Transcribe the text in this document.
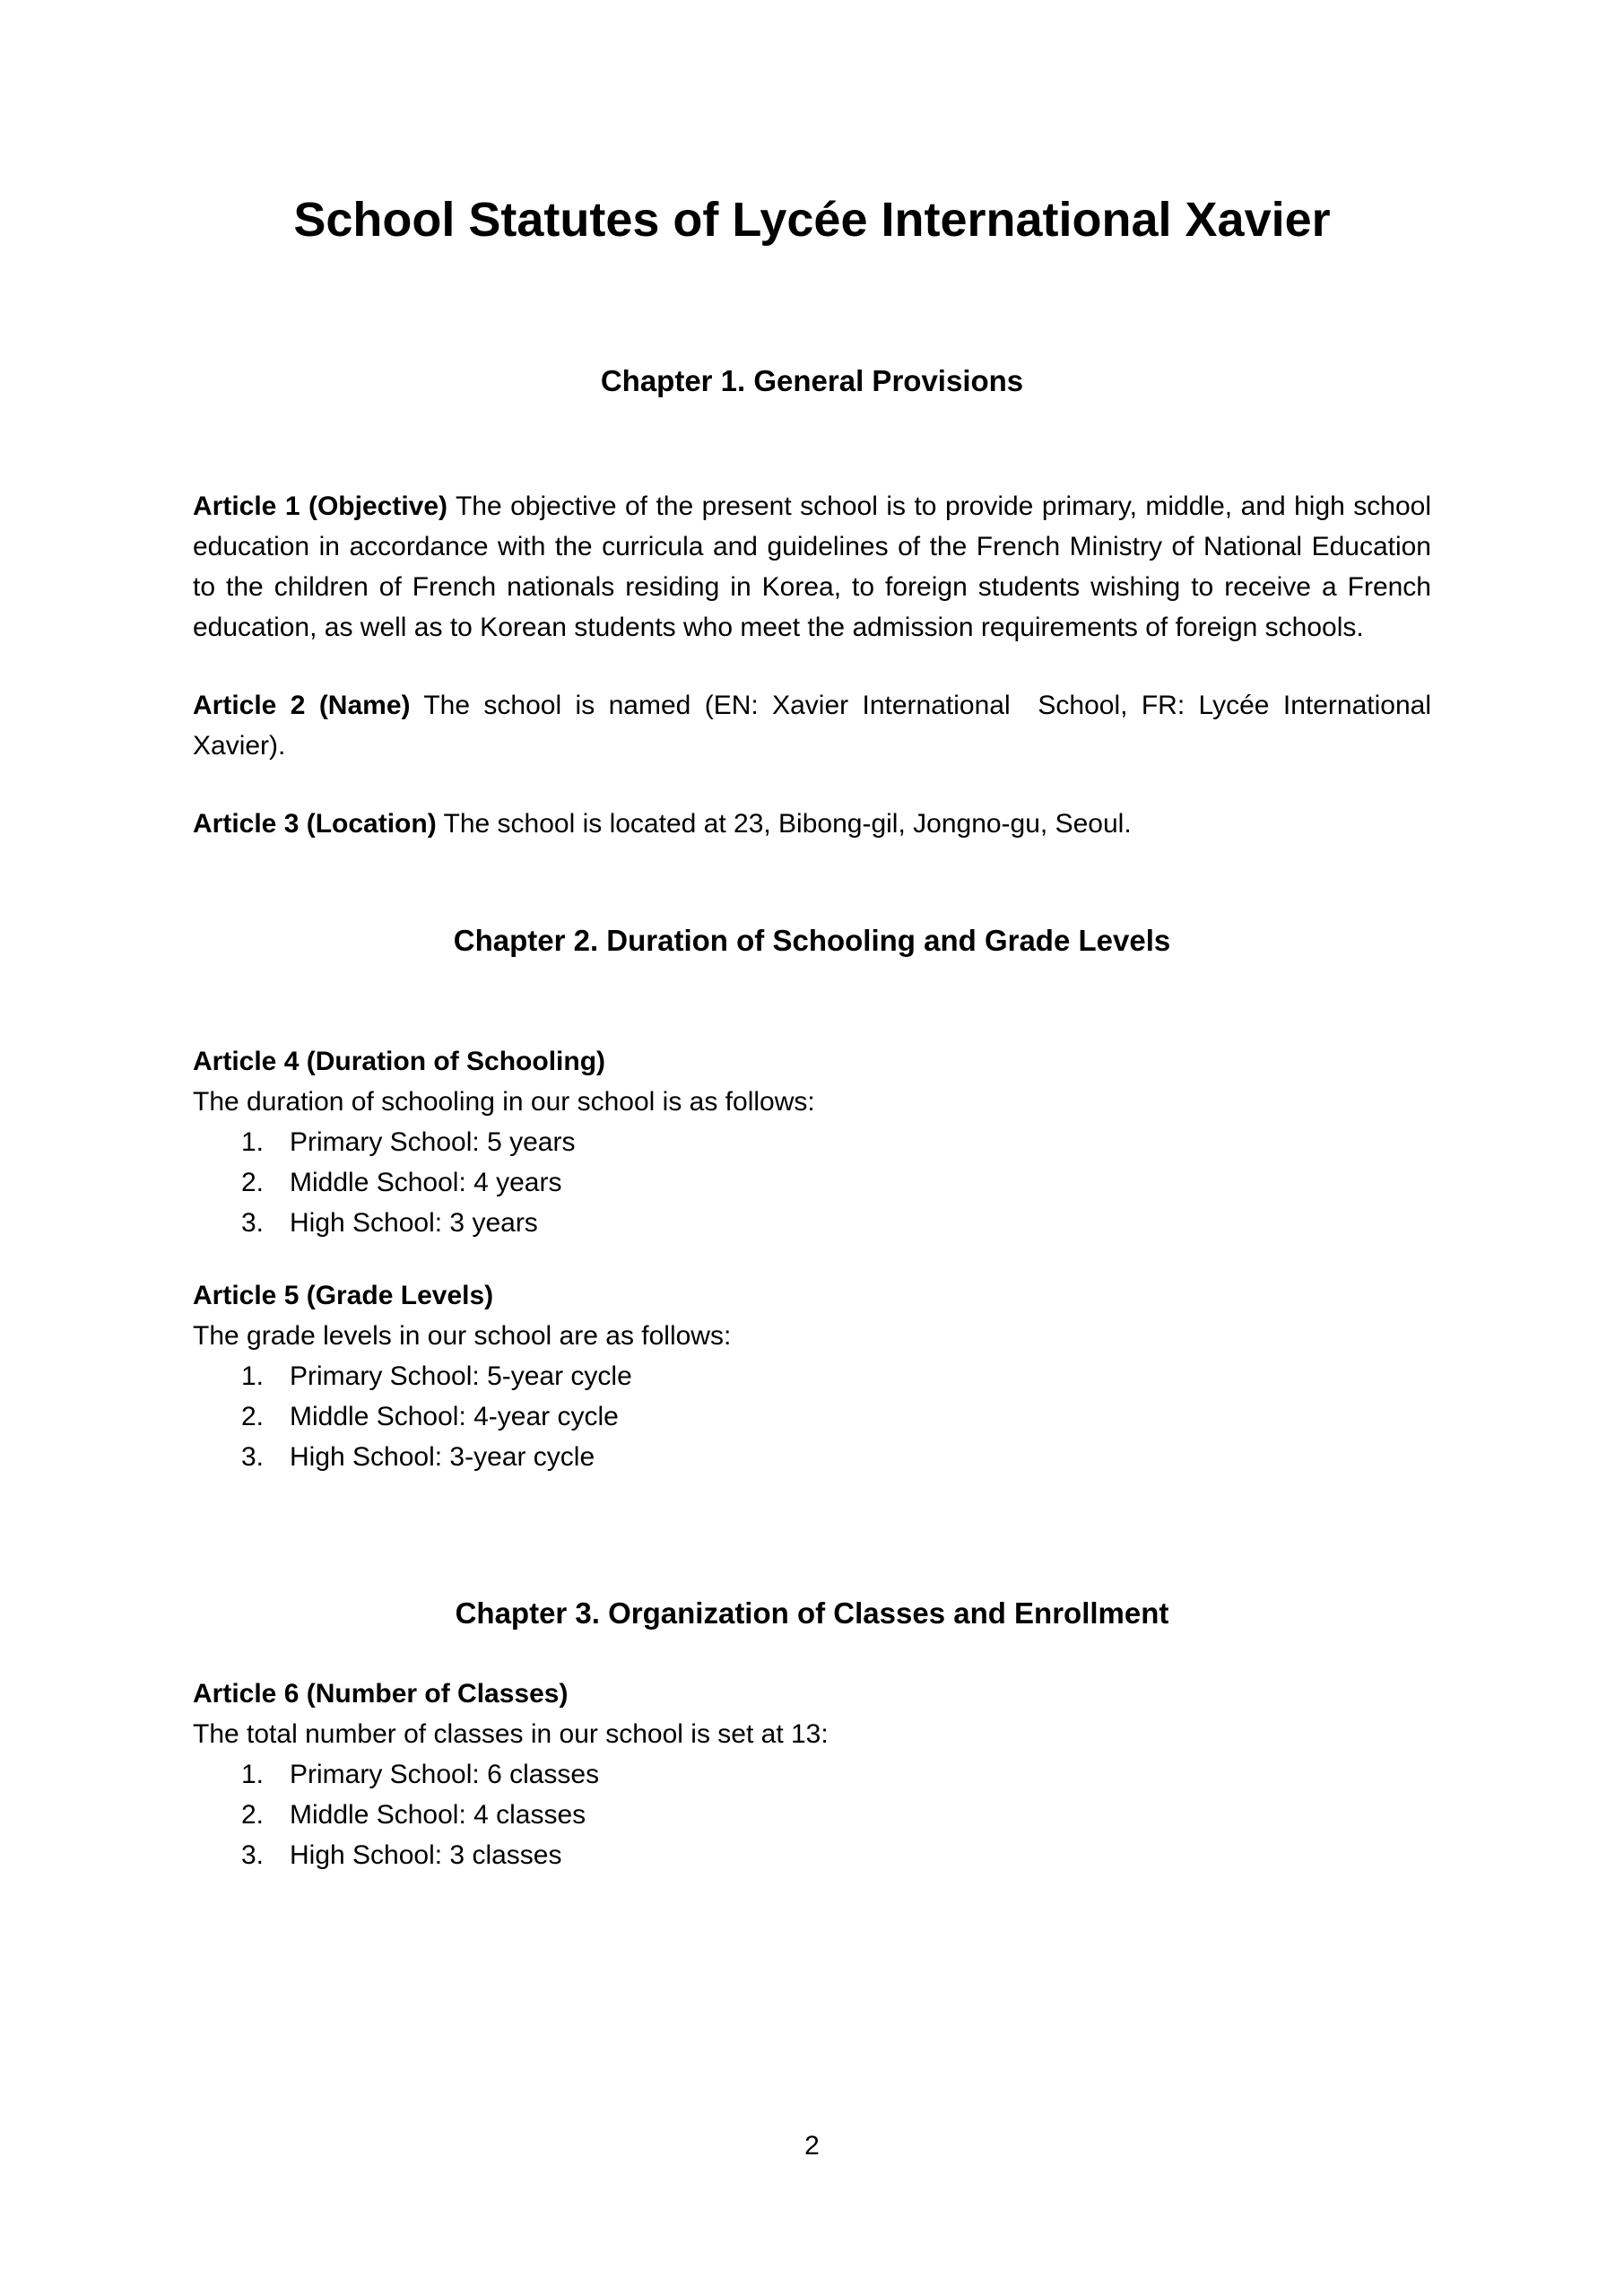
School Statutes of Lycée International Xavier
Chapter 1. General Provisions

Article 1 (Objective) The objective of the present school is to provide primary, middle, and high school education in accordance with the curricula and guidelines of the French Ministry of National Education to the children of French nationals residing in Korea, to foreign students wishing to receive a French education, as well as to Korean students who meet the admission requirements of foreign schools.

Article 2 (Name) The school is named (EN: Xavier International  School, FR: Lycée International Xavier).

Article 3 (Location) The school is located at 23, Bibong-gil, Jongno-gu, Seoul.

Chapter 2. Duration of Schooling and Grade Levels

Article 4 (Duration of Schooling)

The duration of schooling in our school is as follows:

1. Primary School: 5 years
2. Middle School: 4 years
3. High School: 3 years

Article 5 (Grade Levels)

The grade levels in our school are as follows:

1. Primary School: 5-year cycle
2. Middle School: 4-year cycle
3. High School: 3-year cycle
Chapter 3. Organization of Classes and Enrollment

Article 6 (Number of Classes)

The total number of classes in our school is set at 13:

1. Primary School: 6 classes
2. Middle School: 4 classes
3. High School: 3 classes
2
